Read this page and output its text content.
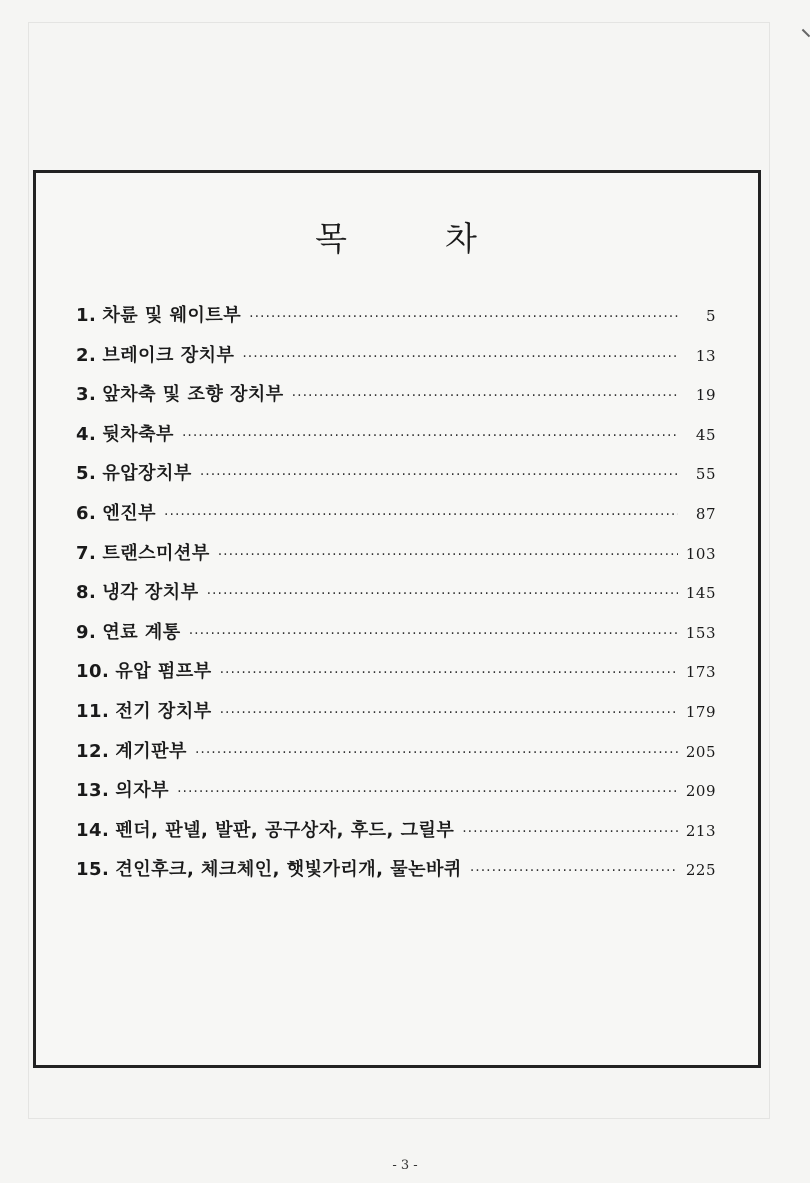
목	차
1. 차륜 및 웨이트부 ·····	5
2. 브레이크 장치부 ·····	13
3. 앞차축 및 조향 장치부 ·····	19
4. 뒷차축부 ·····	45
5. 유압장치부 ·····	55
6. 엔진부 ·····	87
7. 트랜스미션부 ·····	103
8. 냉각 장치부 ·····	145
9. 연료 계통 ·····	153
10. 유압 펌프부 ·····	173
11. 전기 장치부 ·····	179
12. 계기판부 ·····	205
13. 의자부 ·····	209
14. 펜더, 판넬, 발판, 공구상자, 후드, 그릴부 ·····	213
15. 견인후크, 체크체인, 햇빛가리개, 물논바퀴 ·····	225
- 3 -
